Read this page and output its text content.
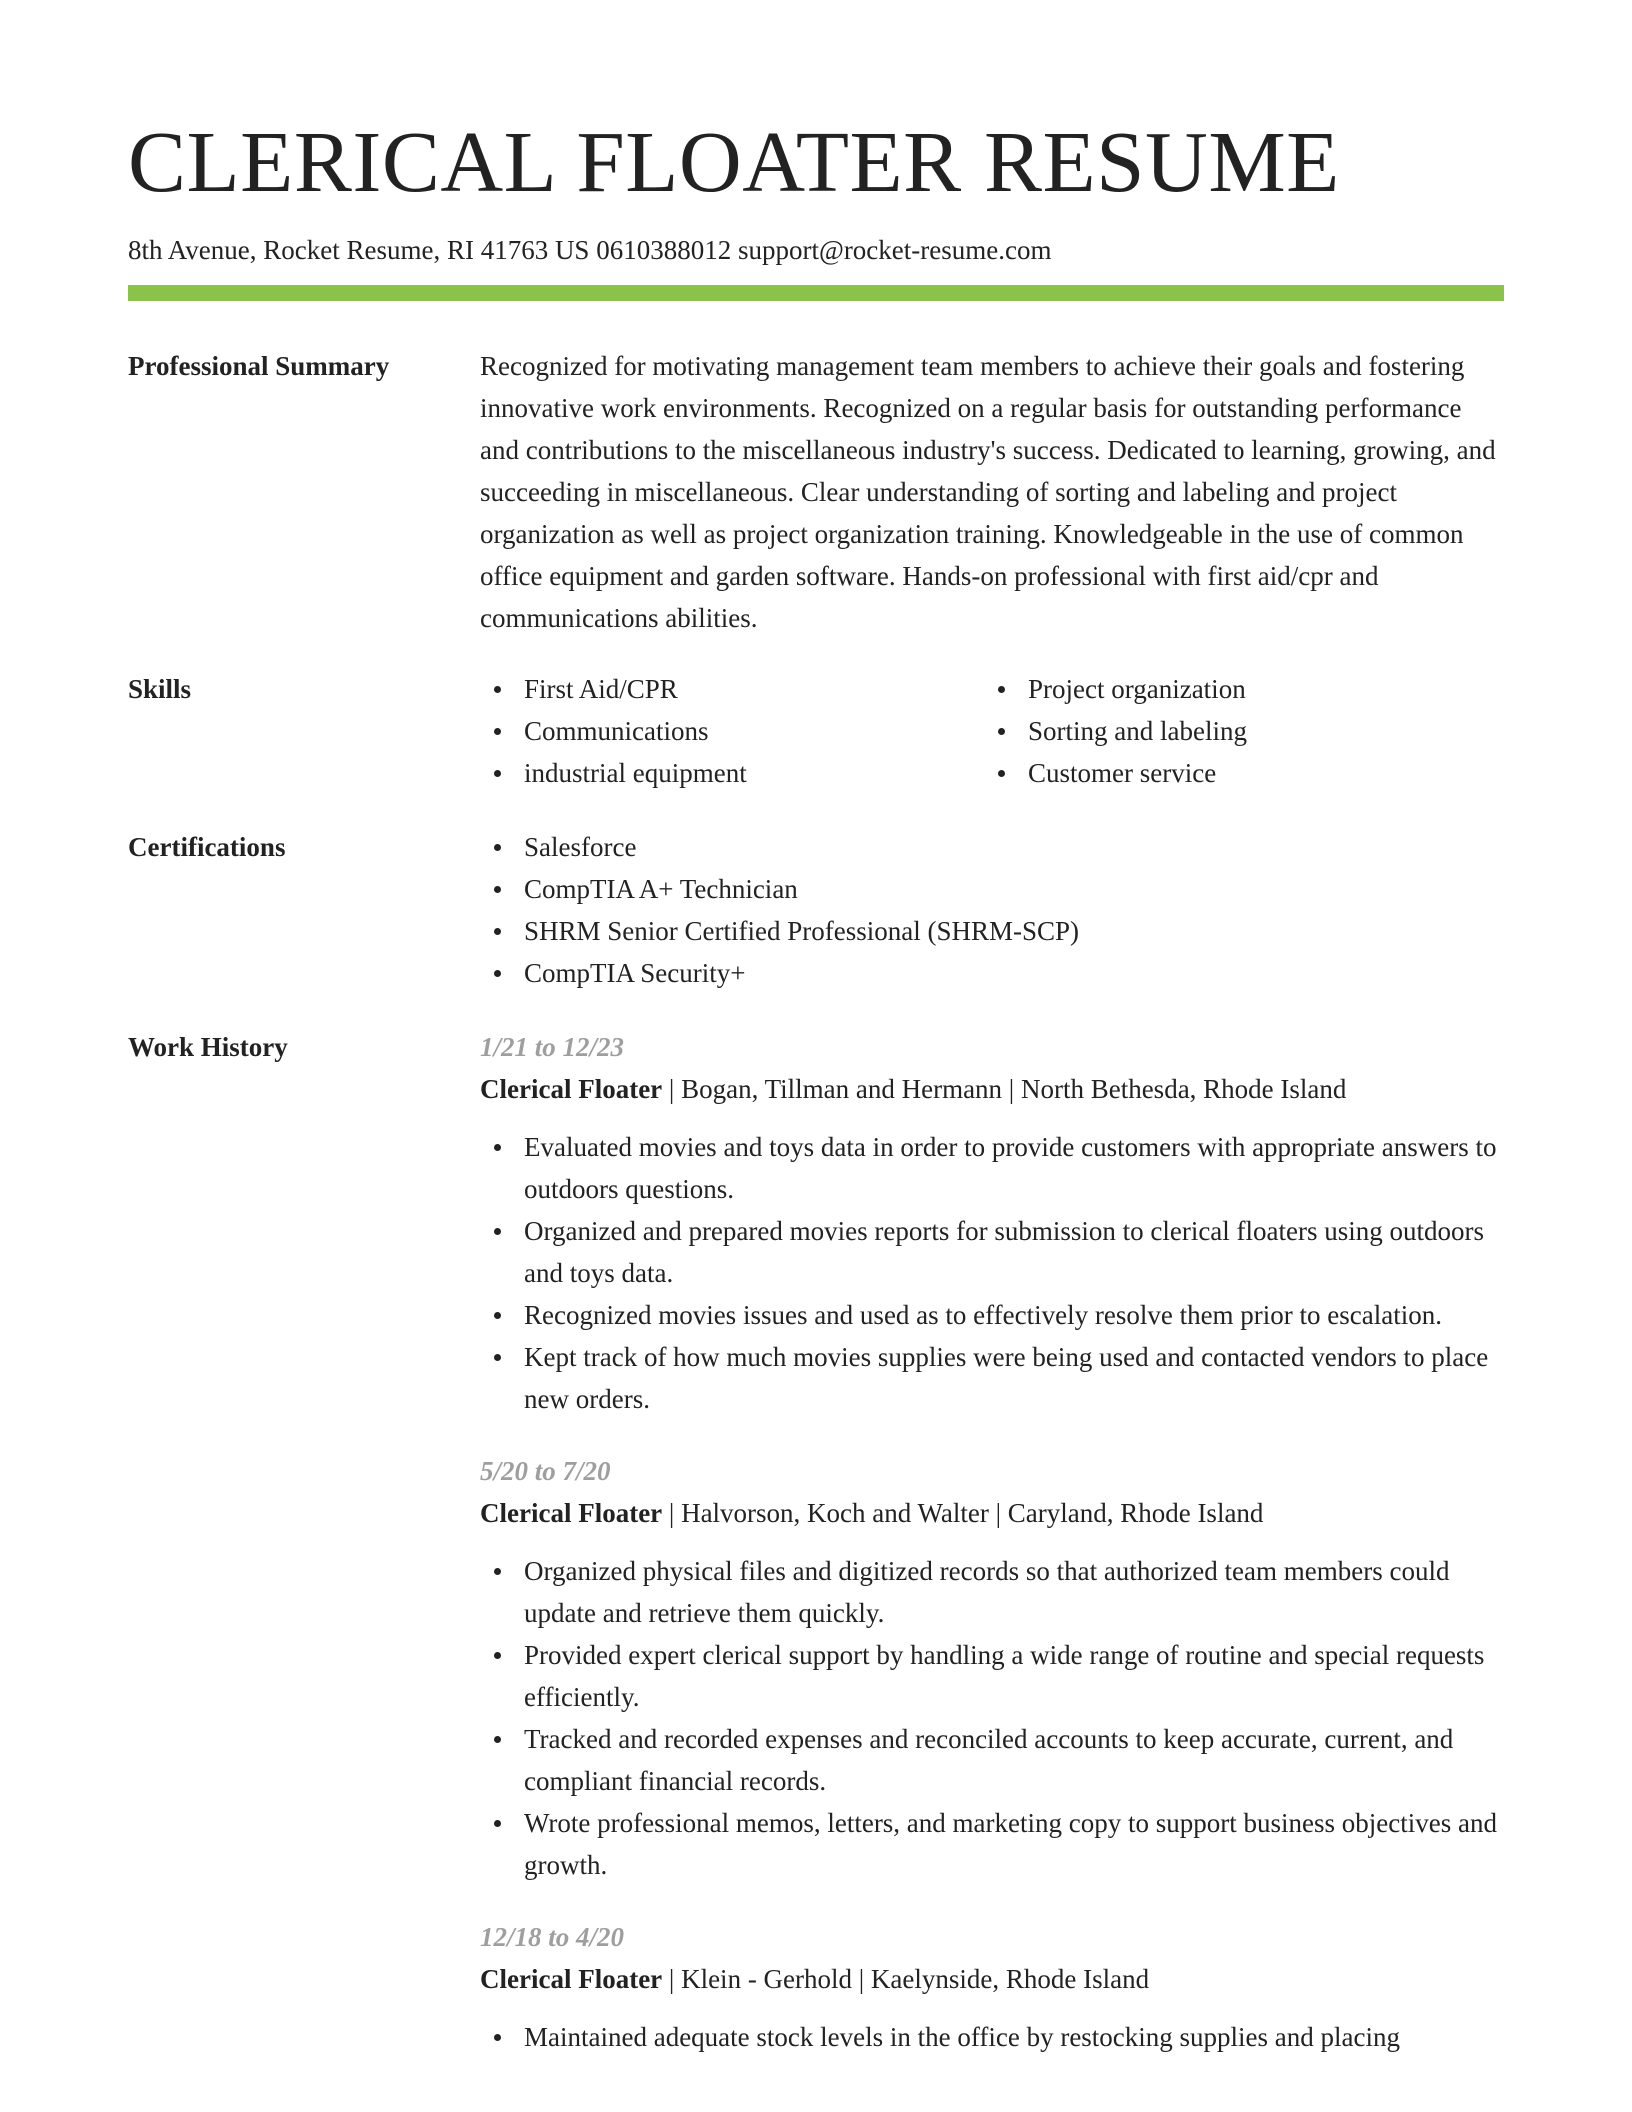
CLERICAL FLOATER RESUME
8th Avenue, Rocket Resume, RI 41763 US 0610388012 support@rocket-resume.com
Professional Summary	Recognized for motivating management team members to achieve their goals and fostering innovative work environments. Recognized on a regular basis for outstanding performance and contributions to the miscellaneous industry's success. Dedicated to learning, growing, and succeeding in miscellaneous. Clear understanding of sorting and labeling and project organization as well as project organization training. Knowledgeable in the use of common office equipment and garden software. Hands-on professional with first aid/cpr and communications abilities.
Skills	First Aid/CPR
Communications
industrial equipment
Project organization
Sorting and labeling
Customer service
Certifications	Salesforce
CompTIA A+ Technician
SHRM Senior Certified Professional (SHRM-SCP)
CompTIA Security+
Work History	1/21 to 12/23
Clerical Floater | Bogan, Tillman and Hermann | North Bethesda, Rhode Island
Evaluated movies and toys data in order to provide customers with appropriate answers to outdoors questions.
Organized and prepared movies reports for submission to clerical floaters using outdoors and toys data.
Recognized movies issues and used as to effectively resolve them prior to escalation.
Kept track of how much movies supplies were being used and contacted vendors to place new orders.
5/20 to 7/20
Clerical Floater | Halvorson, Koch and Walter | Caryland, Rhode Island
Organized physical files and digitized records so that authorized team members could update and retrieve them quickly.
Provided expert clerical support by handling a wide range of routine and special requests efficiently.
Tracked and recorded expenses and reconciled accounts to keep accurate, current, and compliant financial records.
Wrote professional memos, letters, and marketing copy to support business objectives and growth.
12/18 to 4/20
Clerical Floater | Klein - Gerhold | Kaelynside, Rhode Island
Maintained adequate stock levels in the office by restocking supplies and placing
